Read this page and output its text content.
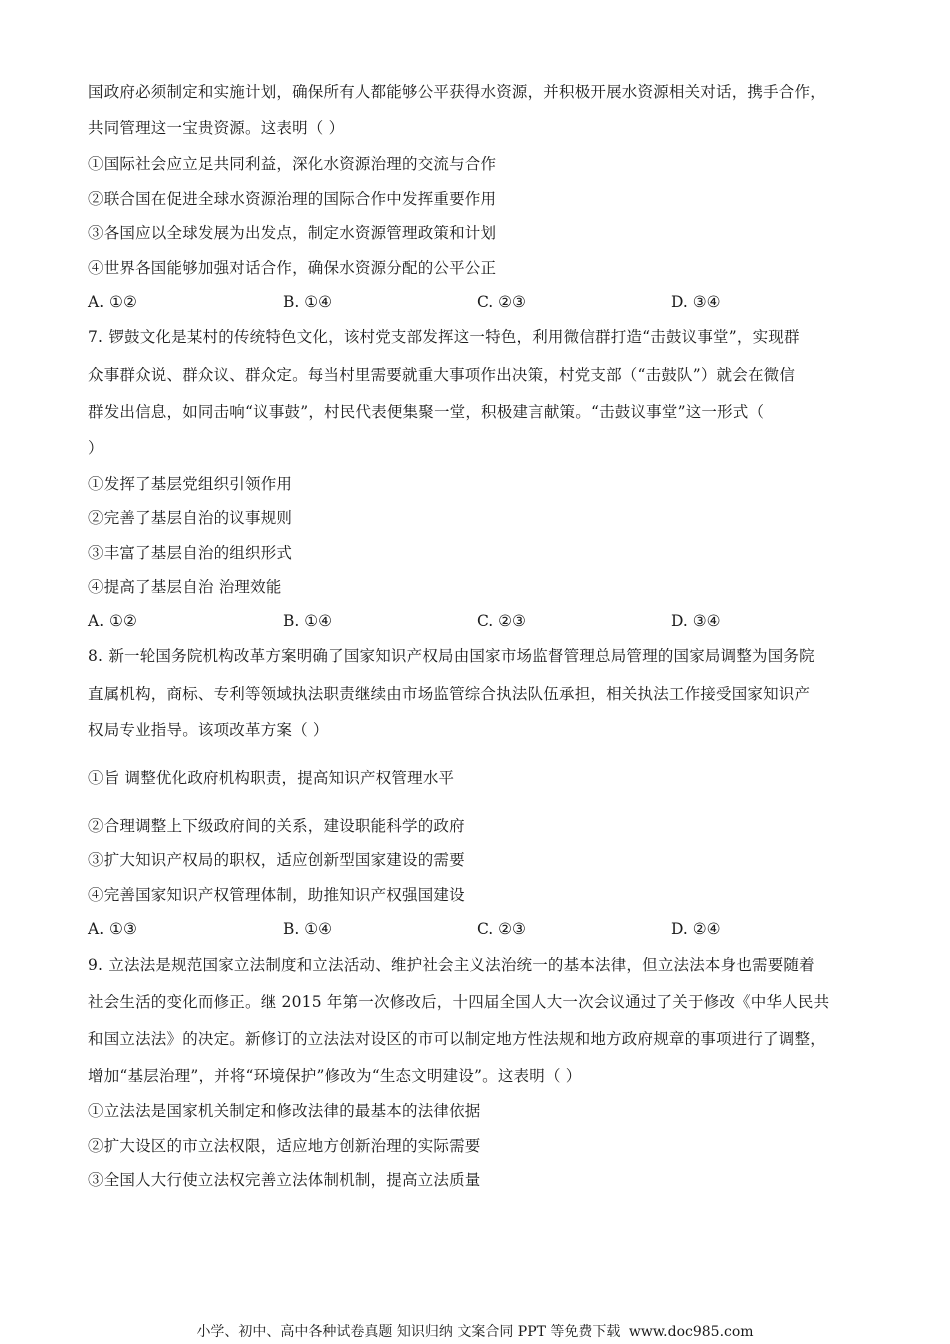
国政府必须制定和实施计划，确保所有人都能够公平获得水资源，并积极开展水资源相关对话，携手合作，
共同管理这一宝贵资源。这表明（ ）
①国际社会应立足共同利益，深化水资源治理的交流与合作
②联合国在促进全球水资源治理的国际合作中发挥重要作用
③各国应以全球发展为出发点，制定水资源管理政策和计划
④世界各国能够加强对话合作，确保水资源分配的公平公正
A. ①②	B. ①④	C. ②③	D. ③④
7. 锣鼓文化是某村的传统特色文化，该村党支部发挥这一特色，利用微信群打造“击鼓议事堂”，实现群
众事群众说、群众议、群众定。每当村里需要就重大事项作出决策，村党支部（“击鼓队”）就会在微信
群发出信息，如同击响“议事鼓”，村民代表便集聚一堂，积极建言献策。“击鼓议事堂”这一形式（
）
①发挥了基层党组织引领作用
②完善了基层自治的议事规则
③丰富了基层自治的组织形式
④提高了基层自治 治理效能
A. ①②	B. ①④	C. ②③	D. ③④
8. 新一轮国务院机构改革方案明确了国家知识产权局由国家市场监督管理总局管理的国家局调整为国务院
直属机构，商标、专利等领域执法职责继续由市场监管综合执法队伍承担，相关执法工作接受国家知识产
权局专业指导。该项改革方案（ ）
①旨 调整优化政府机构职责，提高知识产权管理水平
②合理调整上下级政府间的关系，建设职能科学的政府
③扩大知识产权局的职权，适应创新型国家建设的需要
④完善国家知识产权管理体制，助推知识产权强国建设
A. ①③	B. ①④	C. ②③	D. ②④
9. 立法法是规范国家立法制度和立法活动、维护社会主义法治统一的基本法律，但立法法本身也需要随着
社会生活的变化而修正。继 2015 年第一次修改后，十四届全国人大一次会议通过了关于修改《中华人民共
和国立法法》的决定。新修订的立法法对设区的市可以制定地方性法规和地方政府规章的事项进行了调整，
增加“基层治理”，并将“环境保护”修改为“生态文明建设”。这表明（ ）
①立法法是国家机关制定和修改法律的最基本的法律依据
②扩大设区的市立法权限，适应地方创新治理的实际需要
③全国人大行使立法权完善立法体制机制，提高立法质量
小学、初中、高中各种试卷真题 知识归纳 文案合同 PPT 等免费下载 www.doc985.com
